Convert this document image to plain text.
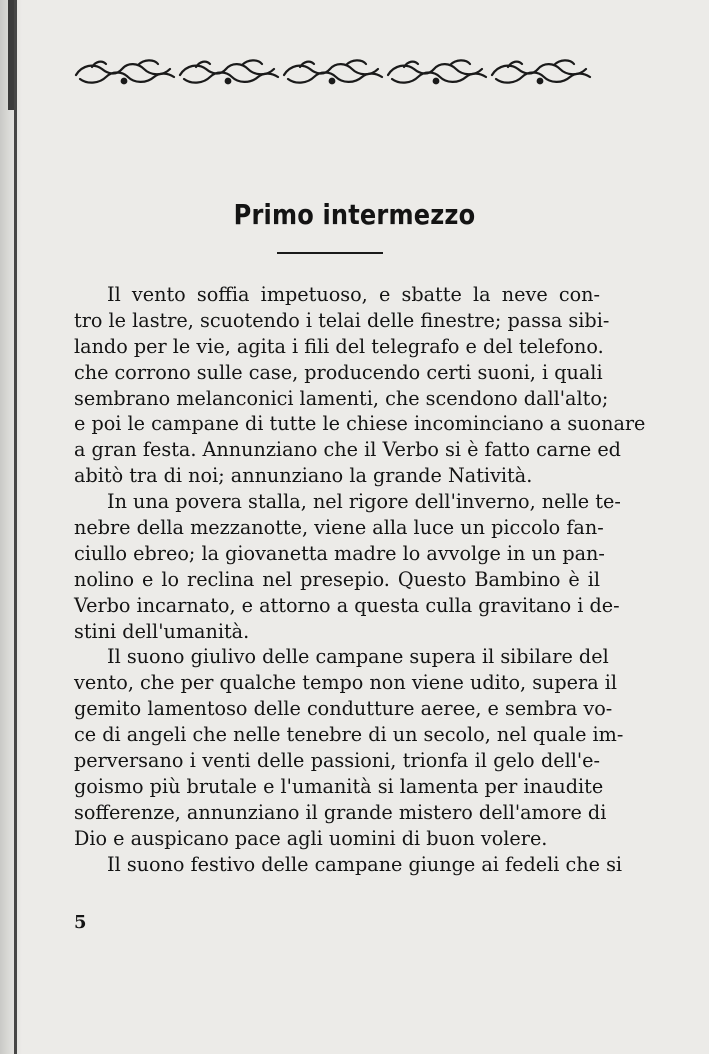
Primo intermezzo
Il vento soffia impetuoso, e sbatte la neve con-
tro le lastre, scuotendo i telai delle finestre; passa sibi-
lando per le vie, agita i fili del telegrafo e del telefono.
che corrono sulle case, producendo certi suoni, i quali
sembrano melanconici lamenti, che scendono dall'alto;
e poi le campane di tutte le chiese incominciano a suonare
a gran festa. Annunziano che il Verbo si è fatto carne ed
abitò tra di noi; annunziano la grande Natività.
In una povera stalla, nel rigore dell'inverno, nelle te-
nebre della mezzanotte, viene alla luce un piccolo fan-
ciullo ebreo; la giovanetta madre lo avvolge in un pan-
nolino e lo reclina nel presepio. Questo Bambino è il
Verbo incarnato, e attorno a questa culla gravitano i de-
stini dell'umanità.
Il suono giulivo delle campane supera il sibilare del
vento, che per qualche tempo non viene udito, supera il
gemito lamentoso delle condutture aeree, e sembra vo-
ce di angeli che nelle tenebre di un secolo, nel quale im-
perversano i venti delle passioni, trionfa il gelo dell'e-
goismo più brutale e l'umanità si lamenta per inaudite
sofferenze, annunziano il grande mistero dell'amore di
Dio e auspicano pace agli uomini di buon volere.
Il suono festivo delle campane giunge ai fedeli che si
5
